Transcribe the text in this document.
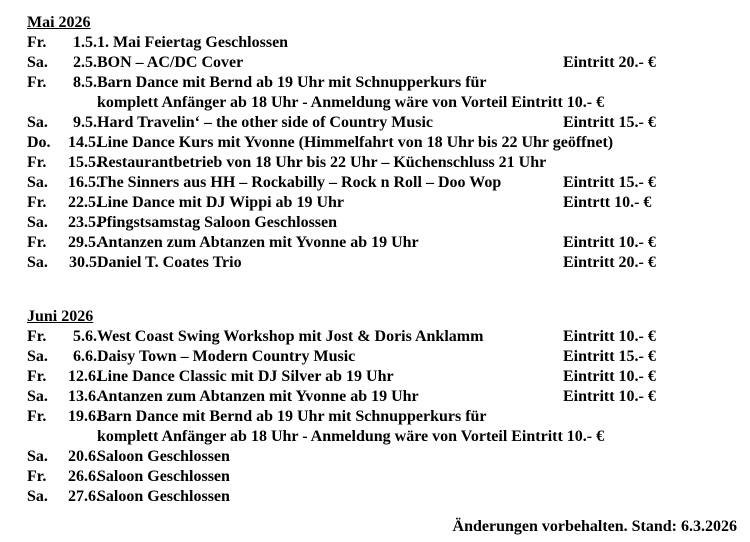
Mai 2026
Fr.	1.5.	1. Mai Feiertag Geschlossen	
Sa.	2.5.	BON – AC/DC Cover	Eintritt 20.- €
Fr.	8.5.	Barn Dance mit Bernd ab 19 Uhr mit Schnupperkurs für	
		komplett Anfänger ab 18 Uhr - Anmeldung wäre von Vorteil Eintritt 10.- €	
Sa.	9.5.	Hard Travelin‘ – the other side of Country Music	Eintritt 15.- €
Do.	14.5.	Line Dance Kurs mit Yvonne (Himmelfahrt von 18 Uhr bis 22 Uhr geöffnet)	
Fr.	15.5.	Restaurantbetrieb von 18 Uhr bis 22 Uhr – Küchenschluss 21 Uhr	
Sa.	16.5.	The Sinners aus HH – Rockabilly – Rock n Roll – Doo Wop	Eintritt 15.- €
Fr.	22.5.	Line Dance mit DJ Wippi ab 19 Uhr	Eintrtt 10.- €
Sa.	23.5.	Pfingstsamstag Saloon Geschlossen	
Fr.	29.5.	Antanzen zum Abtanzen mit Yvonne ab 19 Uhr	Eintritt 10.- €
Sa.	30.5	Daniel T. Coates Trio	Eintritt 20.- €
Juni 2026
Fr.	5.6.	West Coast Swing Workshop mit Jost & Doris Anklamm	Eintritt 10.- €
Sa.	6.6.	Daisy Town – Modern Country Music	Eintritt 15.- €
Fr.	12.6.	Line Dance Classic mit DJ Silver ab 19 Uhr	Eintritt 10.- €
Sa.	13.6.	Antanzen zum Abtanzen mit Yvonne ab 19 Uhr	Eintritt 10.- €
Fr.	19.6.	Barn Dance mit Bernd ab 19 Uhr mit Schnupperkurs für	
		komplett Anfänger ab 18 Uhr - Anmeldung wäre von Vorteil Eintritt 10.- €	
Sa.	20.6.	Saloon Geschlossen	
Fr.	26.6.	Saloon Geschlossen	
Sa.	27.6.	Saloon Geschlossen	
Änderungen vorbehalten. Stand: 6.3.2026
